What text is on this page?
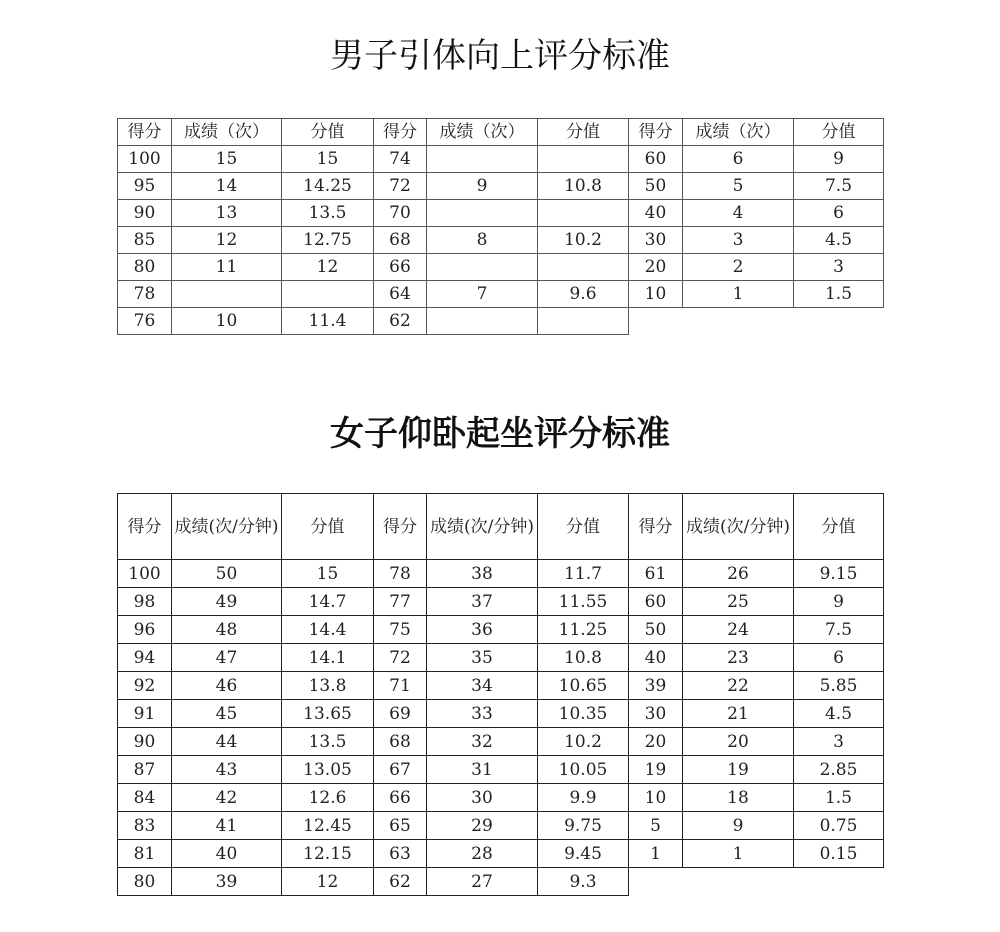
男子引体向上评分标准
得分	成绩（次）	分值	得分	成绩（次）	分值	得分	成绩（次）	分值
100	15	15	74			60	6	9
95	14	14.25	72	9	10.8	50	5	7.5
90	13	13.5	70			40	4	6
85	12	12.75	68	8	10.2	30	3	4.5
80	11	12	66			20	2	3
78			64	7	9.6	10	1	1.5
76	10	11.4	62					
女子仰卧起坐评分标准
得分	成绩(次/分钟)	分值	得分	成绩(次/分钟)	分值	得分	成绩(次/分钟)	分值
100	50	15	78	38	11.7	61	26	9.15
98	49	14.7	77	37	11.55	60	25	9
96	48	14.4	75	36	11.25	50	24	7.5
94	47	14.1	72	35	10.8	40	23	6
92	46	13.8	71	34	10.65	39	22	5.85
91	45	13.65	69	33	10.35	30	21	4.5
90	44	13.5	68	32	10.2	20	20	3
87	43	13.05	67	31	10.05	19	19	2.85
84	42	12.6	66	30	9.9	10	18	1.5
83	41	12.45	65	29	9.75	5	9	0.75
81	40	12.15	63	28	9.45	1	1	0.15
80	39	12	62	27	9.3			
